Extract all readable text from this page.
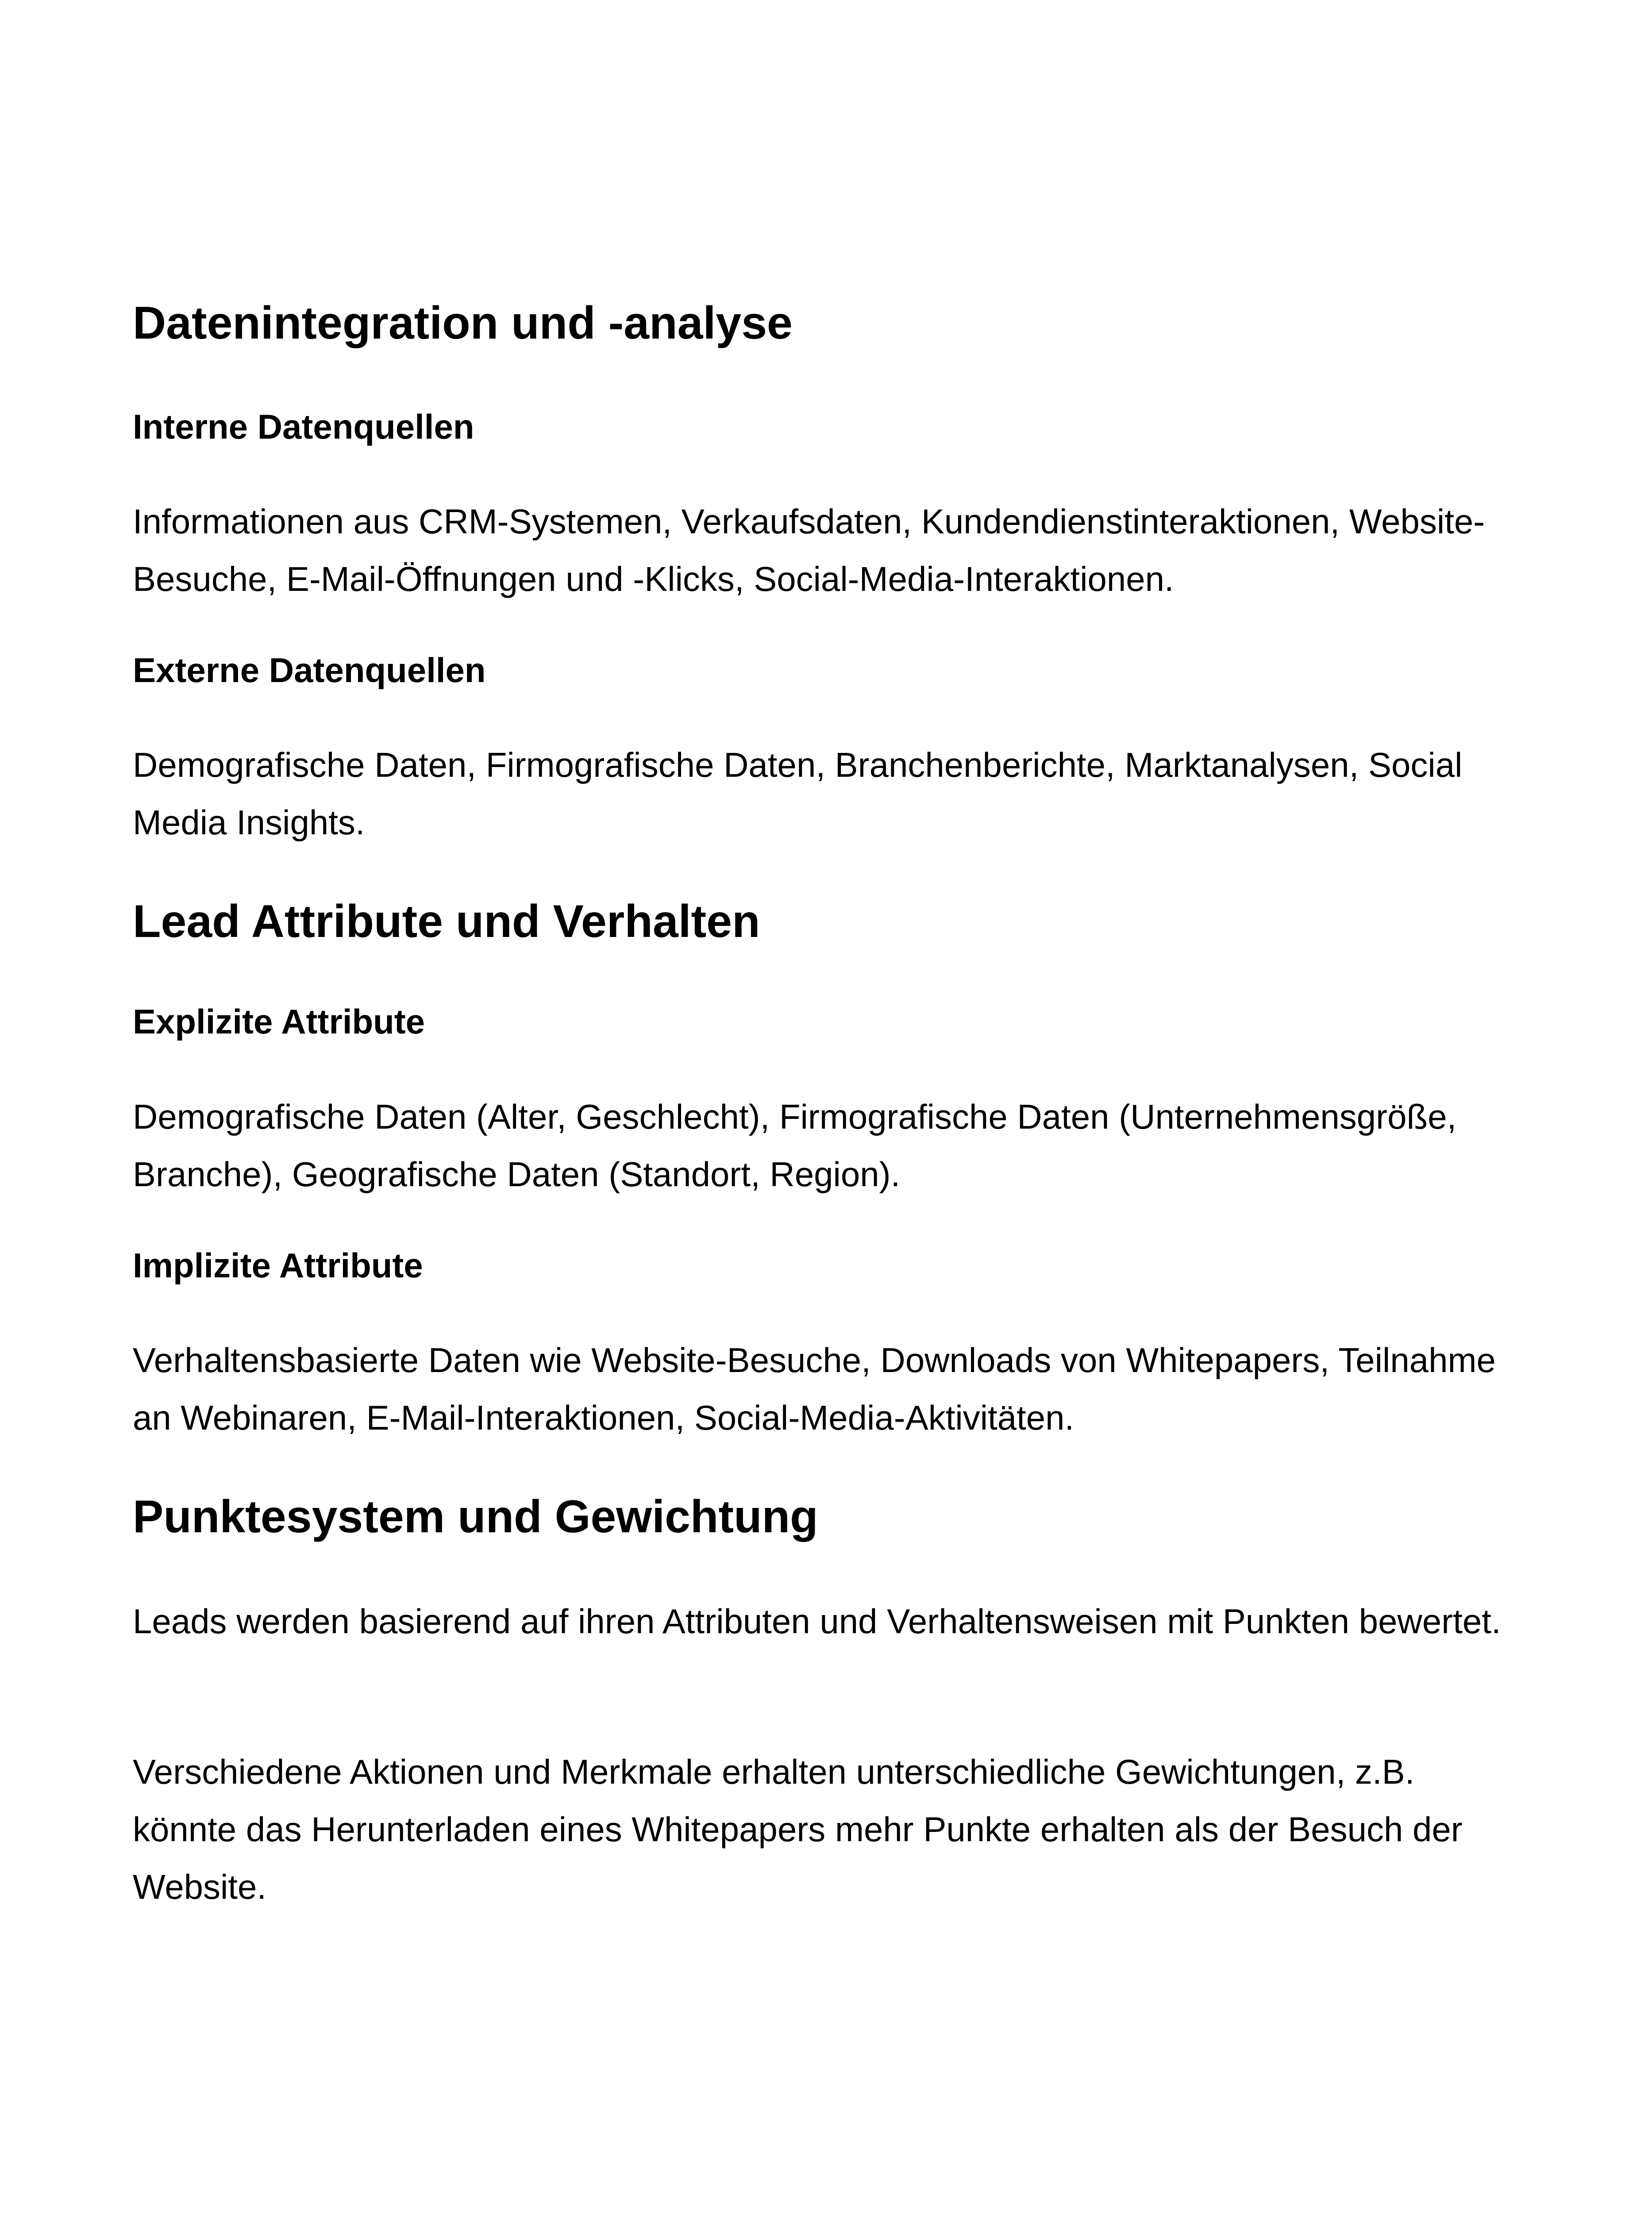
Datenintegration und -analyse
Interne Datenquellen

Informationen aus CRM-Systemen, Verkaufsdaten, Kundendienstinteraktionen, Website-Besuche, E-Mail-Öffnungen und -Klicks, Social-Media-Interaktionen.

Externe Datenquellen

Demografische Daten, Firmografische Daten, Branchenberichte, Marktanalysen, Social Media Insights.

Lead Attribute und Verhalten
Explizite Attribute

Demografische Daten (Alter, Geschlecht), Firmografische Daten (Unternehmensgröße, Branche), Geografische Daten (Standort, Region).

Implizite Attribute

Verhaltensbasierte Daten wie Website-Besuche, Downloads von Whitepapers, Teilnahme an Webinaren, E-Mail-Interaktionen, Social-Media-Aktivitäten.

Punktesystem und Gewichtung

Leads werden basierend auf ihren Attributen und Verhaltensweisen mit Punkten bewertet.

Verschiedene Aktionen und Merkmale erhalten unterschiedliche Gewichtungen, z.B. könnte das Herunterladen eines Whitepapers mehr Punkte erhalten als der Besuch der Website.
